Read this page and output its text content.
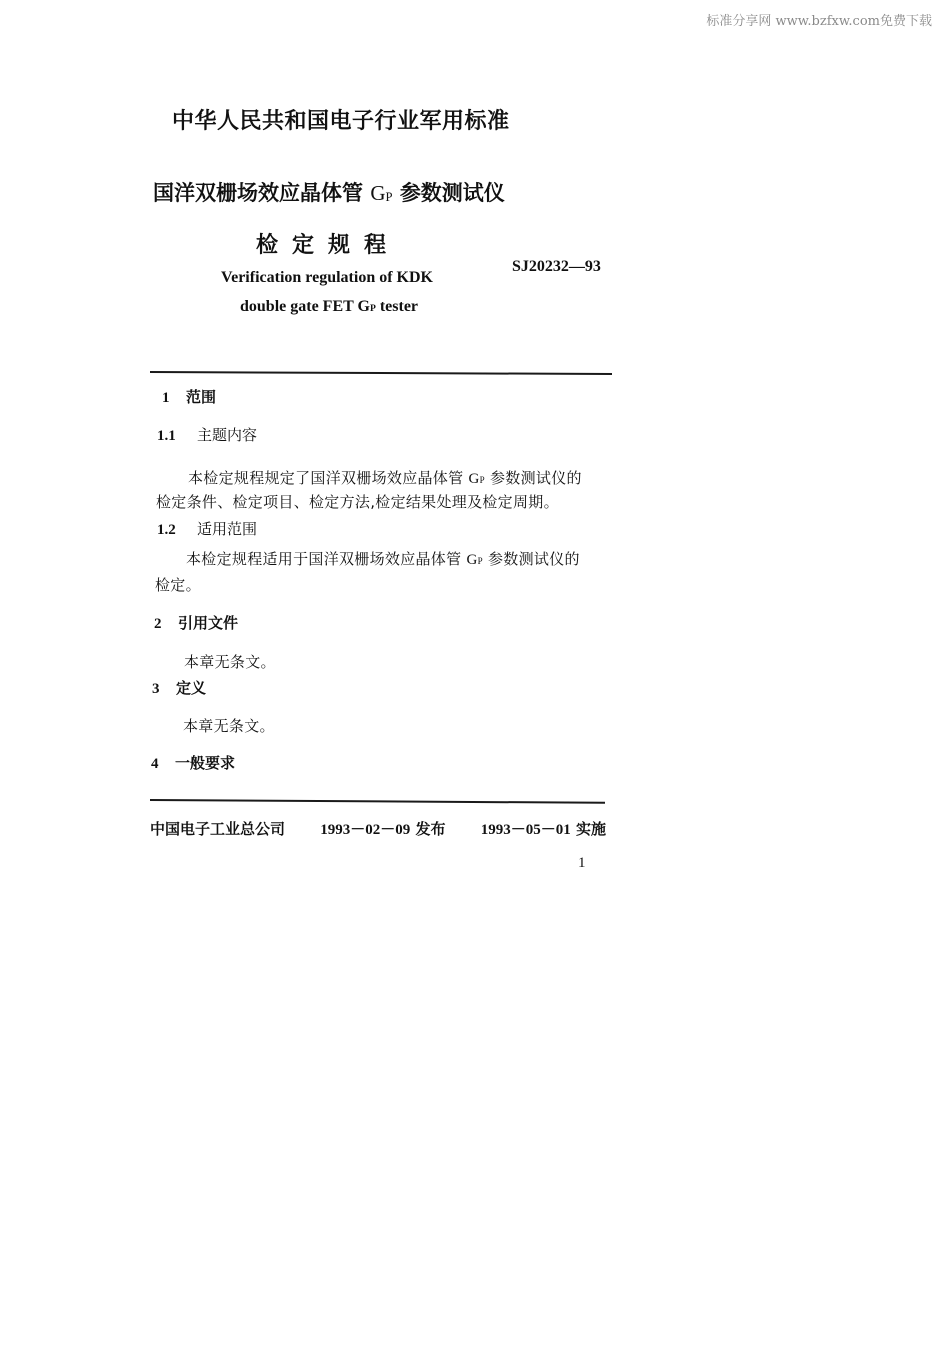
标准分享网 www.bzfxw.com免费下载
中华人民共和国电子行业军用标准
国洋双栅场效应晶体管 $G_P$ 参数测试仪
检定规程
SJ20232—93
Verification regulation of KDK
double gate FET $G_P$ tester
1 范围
1.1 主题内容
本检定规程规定了国洋双栅场效应晶体管 $G_P$ 参数测试仪的
检定条件、检定项目、检定方法,检定结果处理及检定周期。
1.2 适用范围
本检定规程适用于国洋双栅场效应晶体管 $G_P$ 参数测试仪的
检定。
2 引用文件
本章无条文。
3 定义
本章无条文。
4 一般要求
中国电子工业总公司 1993－02－09 发布 1993－05－01 实施
1
